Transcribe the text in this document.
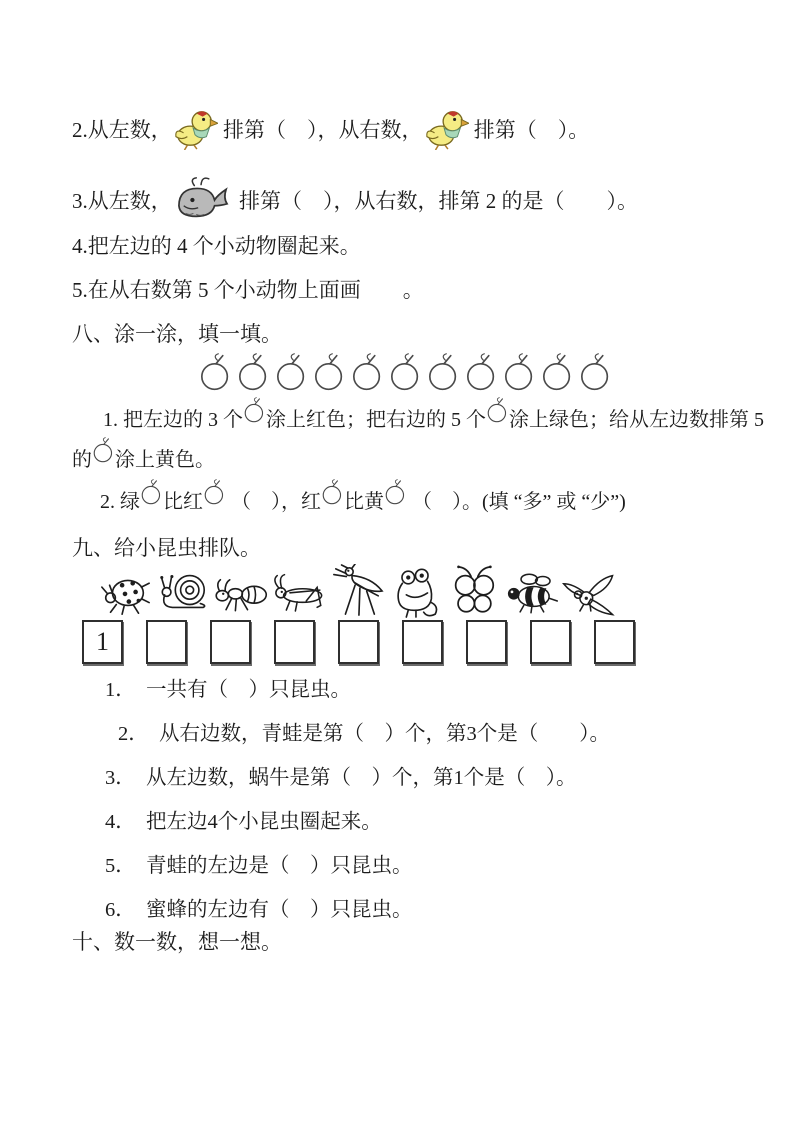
2.从左数， 排第（　），从右数， 排第（　）。
3.从左数，	排第（　），从右数，排第 2 的是（　　）。
4.把左边的 4 个小动物圈起来。
5.在从右数第 5 个小动物上面画　　。
八、涂一涂，填一填。
1. 把左边的 3 个 涂上红色；把右边的 5 个 涂上绿色；给从左边数排第 5
的 涂上黄色。
2. 绿 比红 （　），红 比黄 （　）。(填 “多” 或 “少”)
九、给小昆虫排队。
1
1．  一共有（　）只昆虫。
2．  从右边数，青蛙是第（　）个，第3个是（　　）。
3．  从左边数，蜗牛是第（　）个，第1个是（　）。
4．  把左边4个小昆虫圈起来。
5．  青蛙的左边是（　）只昆虫。
6．  蜜蜂的左边有（　）只昆虫。
十、数一数，想一想。
